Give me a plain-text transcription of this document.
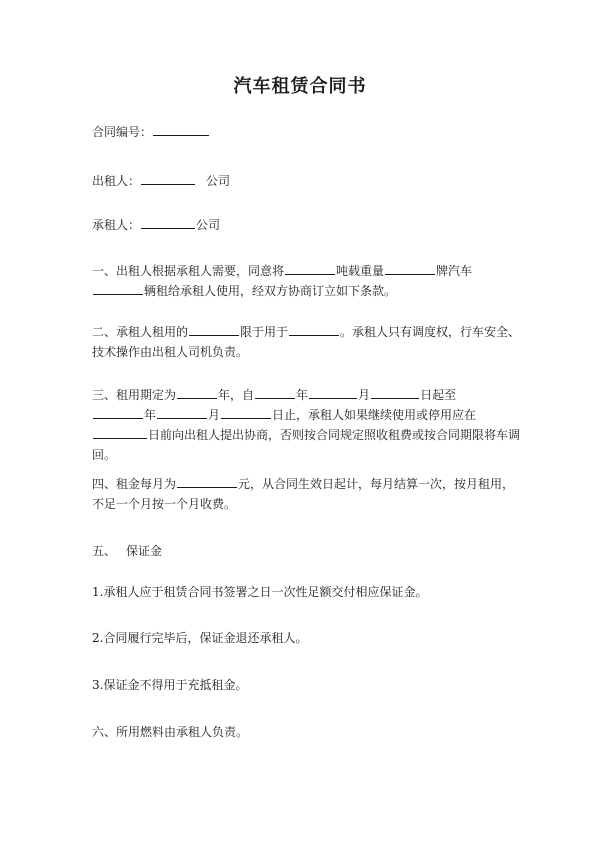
汽车租赁合同书

合同编号：

出租人：	公司

承租人：	公司

一、出租人根据承租人需要，同意将	吨载重量	牌汽车
辆租给承租人使用，经双方协商订立如下条款。

二、承租人租用的	限于用于	。承租人只有调度权，行车安全、技术操作由出租人司机负责。

三、租用期定为	年，自	年	月	日起至
年	月	日止，承租人如果继续使用或停用应在
日前向出租人提出协商，否则按合同规定照收租费或按合同期限将车调回。

四、租金每月为	元，从合同生效日起计，每月结算一次，按月租用，不足一个月按一个月收费。

五、 保证金

1.承租人应于租赁合同书签署之日一次性足额交付相应保证金。

2.合同履行完毕后，保证金退还承租人。

3.保证金不得用于充抵租金。

六、所用燃料由承租人负责。
